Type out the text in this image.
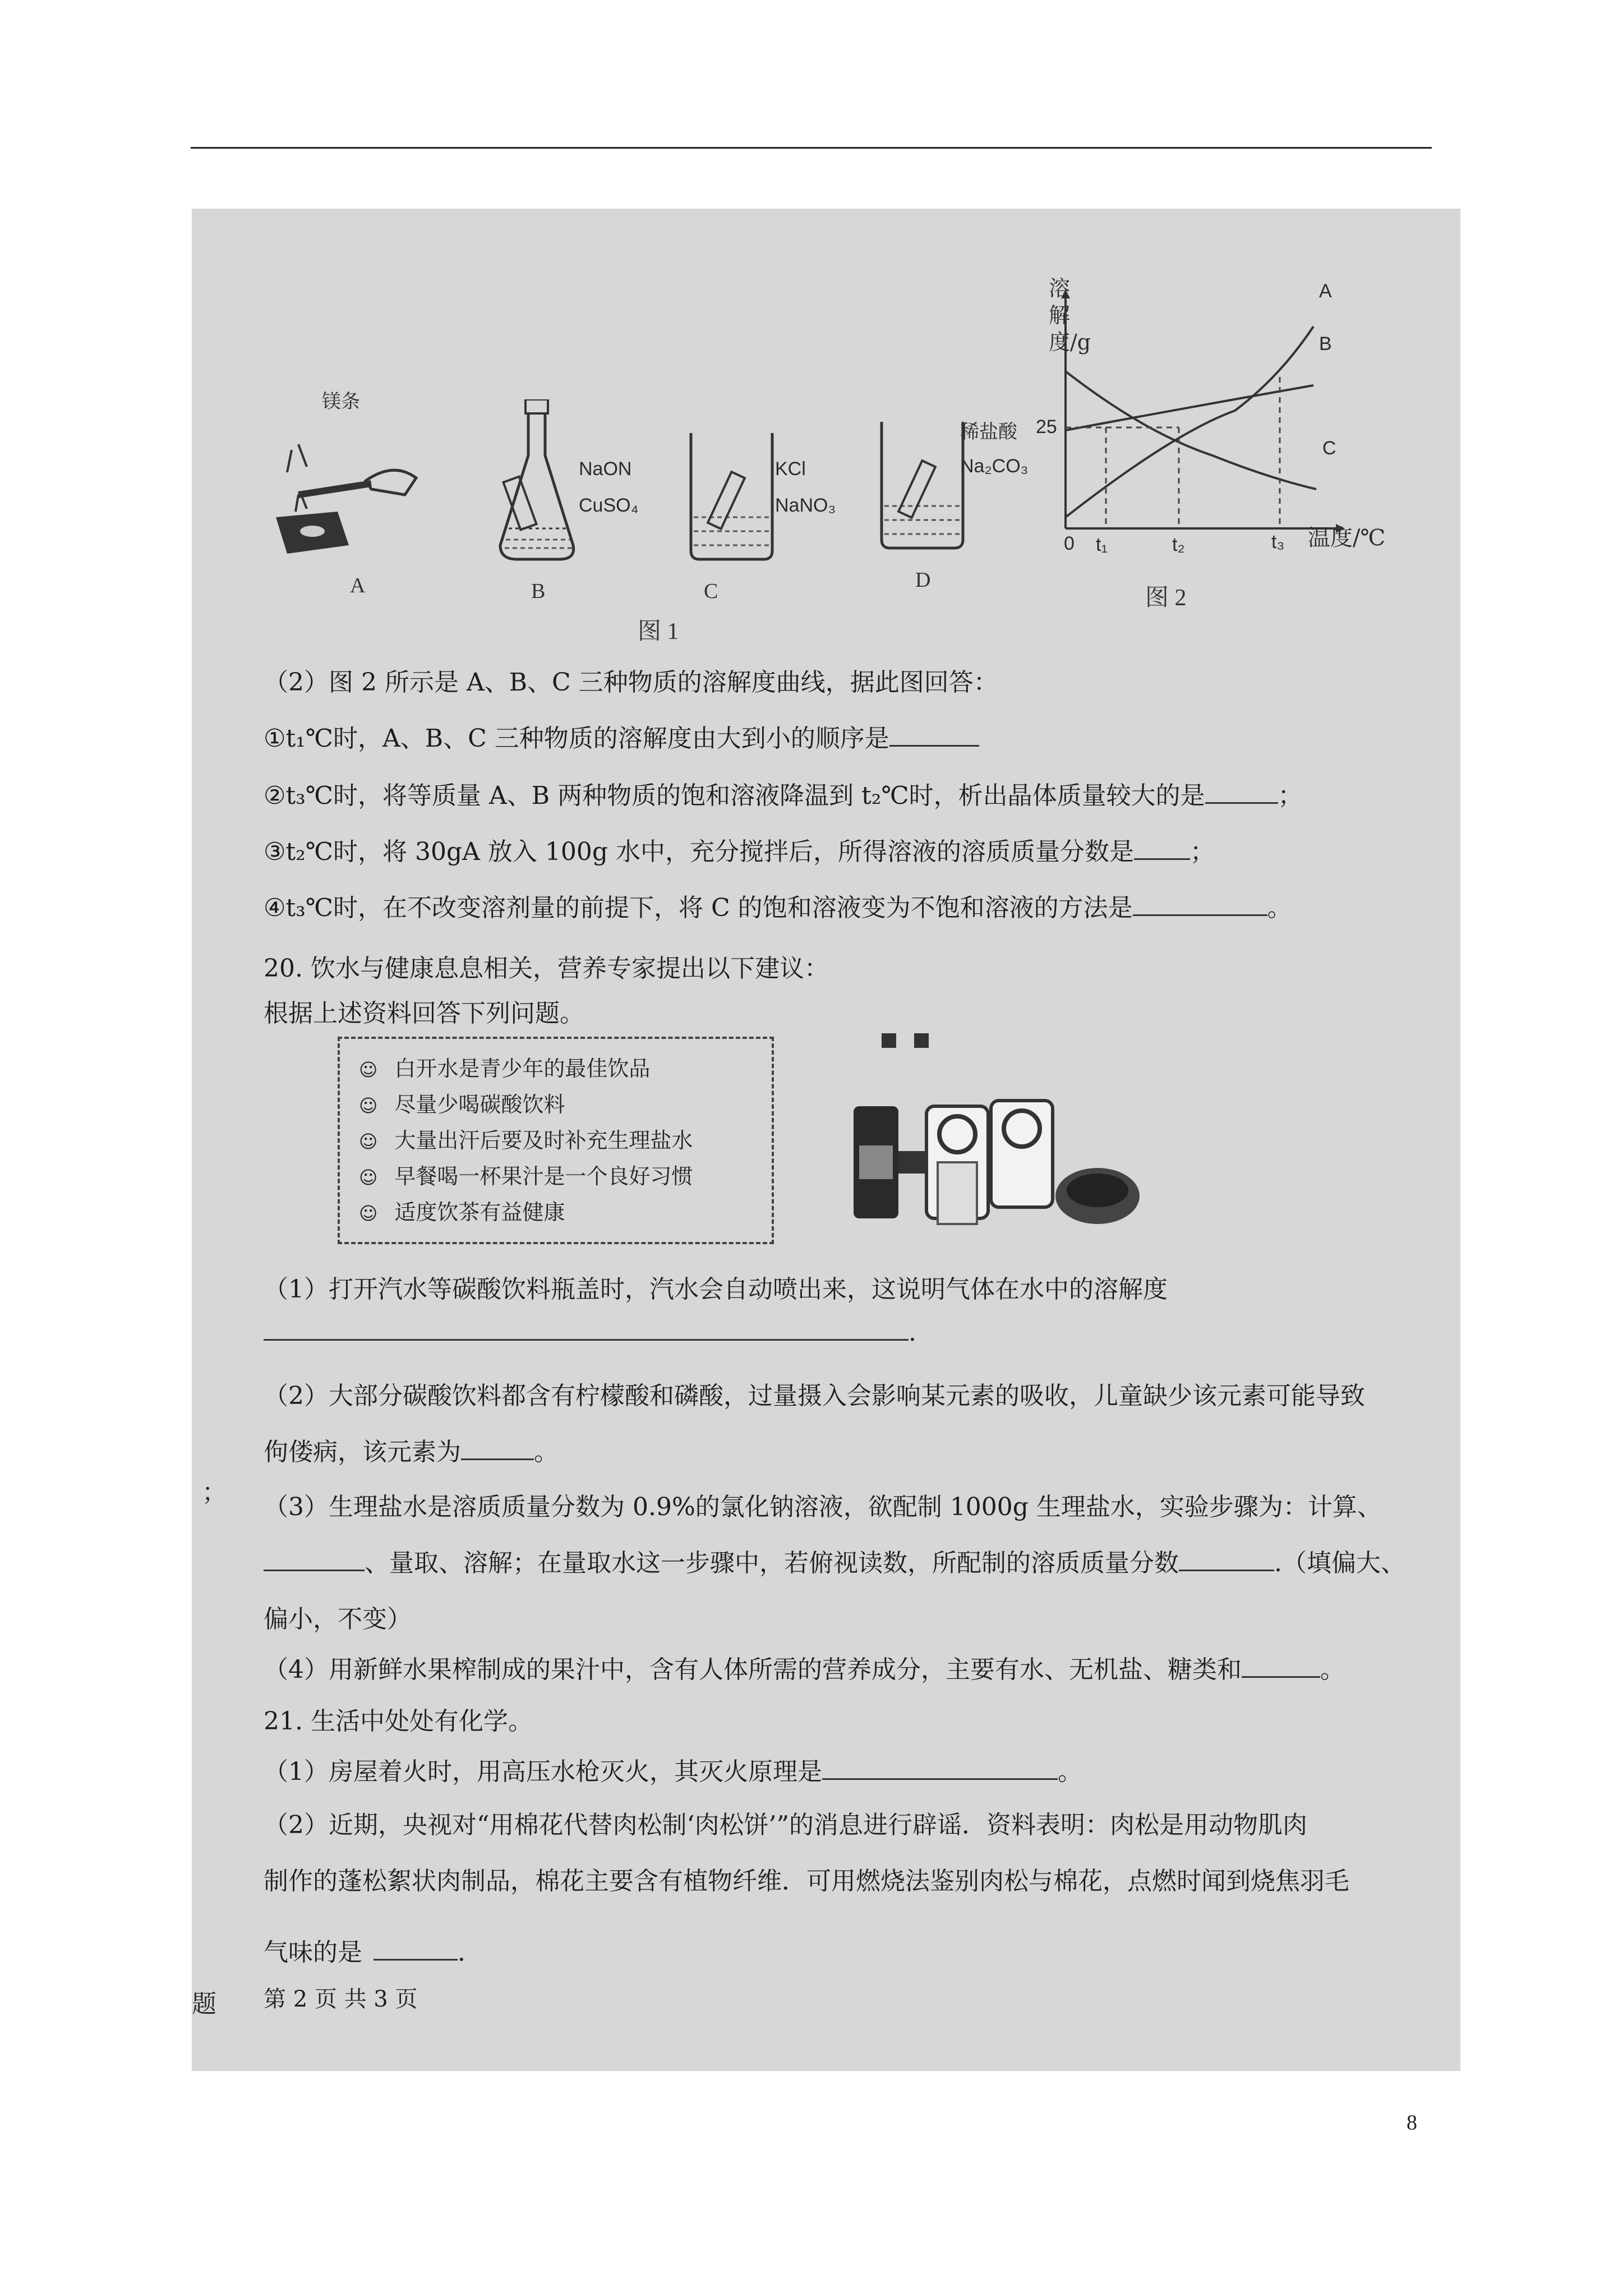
镁条
NaON
CuSO₄
KCl
NaNO₃
稀盐酸
Na₂CO₃
A	B	C	D
图 1
溶解度/g
A
B
C
25
0 t₁	t₂	t₃ 温度/℃
图 2
（2）图 2 所示是 A、B、C 三种物质的溶解度曲线，据此图回答：
①t₁℃时，A、B、C 三种物质的溶解度由大到小的顺序是
②t₃℃时，将等质量 A、B 两种物质的饱和溶液降温到 t₂℃时，析出晶体质量较大的是	；
③t₂℃时，将 30gA 放入 100g 水中，充分搅拌后，所得溶液的溶质质量分数是 ；
④t₃℃时，在不改变溶剂量的前提下，将 C 的饱和溶液变为不饱和溶液的方法是	。
20. 饮水与健康息息相关，营养专家提出以下建议：
根据上述资料回答下列问题。
☺ 白开水是青少年的最佳饮品
☺ 尽量少喝碳酸饮料
☺ 大量出汗后要及时补充生理盐水
☺ 早餐喝一杯果汁是一个良好习惯
☺ 适度饮茶有益健康
（1）打开汽水等碳酸饮料瓶盖时，汽水会自动喷出来，这说明气体在水中的溶解度
.
（2）大部分碳酸饮料都含有柠檬酸和磷酸，过量摄入会影响某元素的吸收，儿童缺少该元素可能导致
佝偻病，该元素为	。
（3）生理盐水是溶质质量分数为 0.9%的氯化钠溶液，欲配制 1000g 生理盐水，实验步骤为：计算、
、量取、溶解；在量取水这一步骤中，若俯视读数，所配制的溶质质量分数	.（填偏大、
偏小，不变）
（4）用新鲜水果榨制成的果汁中，含有人体所需的营养成分，主要有水、无机盐、糖类和	。
21. 生活中处处有化学。
（1）房屋着火时，用高压水枪灭火，其灭火原理是	。
（2）近期，央视对“用棉花代替肉松制‘肉松饼’”的消息进行辟谣．资料表明：肉松是用动物肌肉
制作的蓬松絮状肉制品，棉花主要含有植物纤维．可用燃烧法鉴别肉松与棉花，点燃时闻到烧焦羽毛
气味的是	．
第 2 页 共 3 页
；
题
8
